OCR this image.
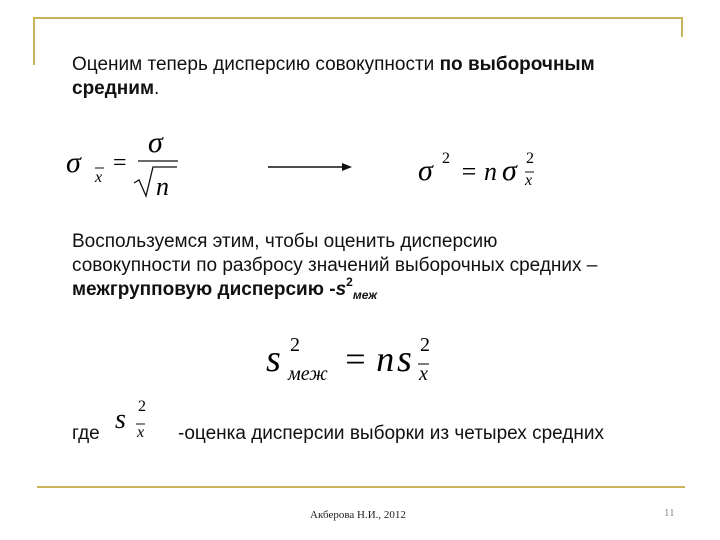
Оценим теперь дисперсию совокупности по выборочным
средним.
σ x
=
σ
n	σ 2 = n σ 2
x
s 2
меж = n s 2
x
s 2
x
Воспользуемся этим, чтобы оценить дисперсию
совокупности по разбросу значений выборочных средних –
межгрупповую дисперсию $-s^2_{меж}$
где	-оценка дисперсии выборки из четырех средних
Акберова Н.И., 2012	11
